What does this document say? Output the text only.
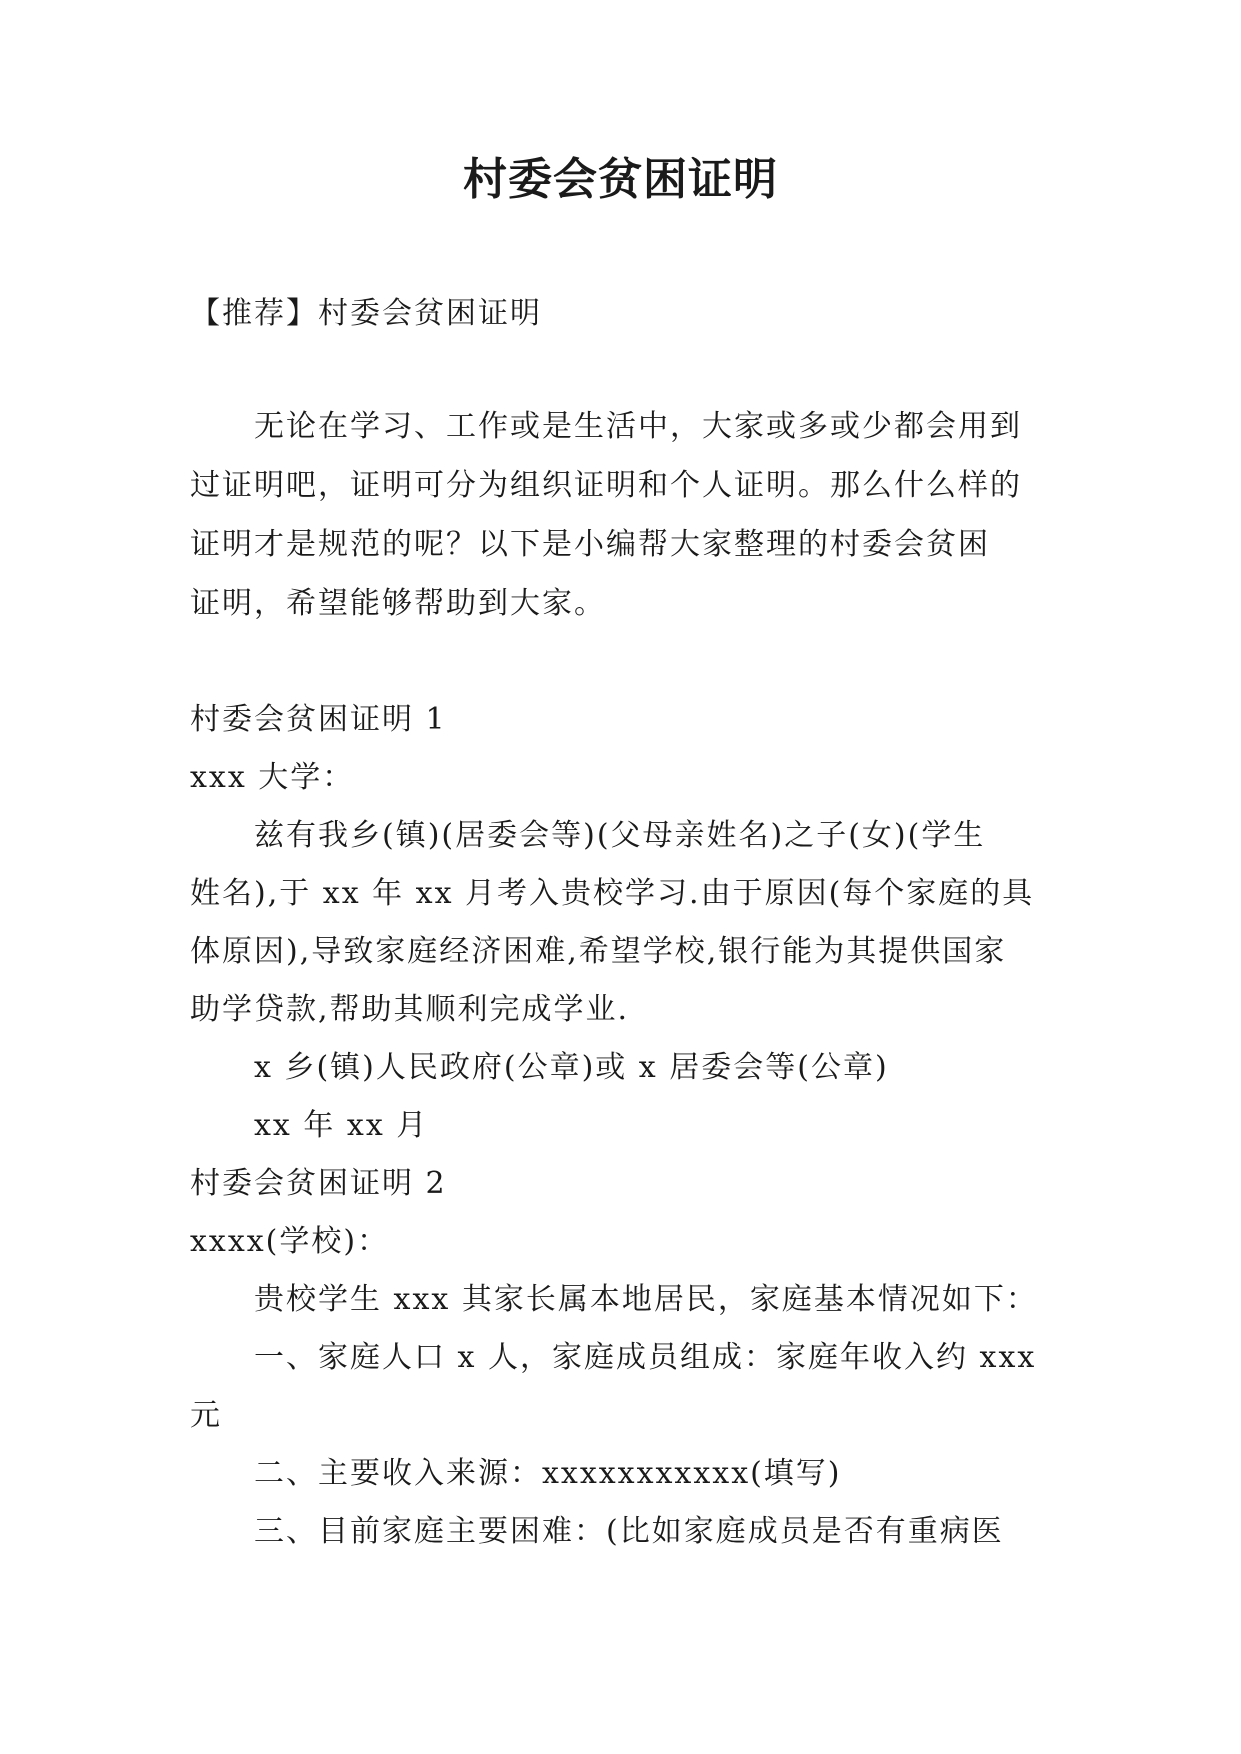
村委会贫困证明
【推荐】村委会贫困证明
无论在学习、工作或是生活中，大家或多或少都会用到
过证明吧，证明可分为组织证明和个人证明。那么什么样的
证明才是规范的呢？以下是小编帮大家整理的村委会贫困
证明，希望能够帮助到大家。
村委会贫困证明 1
xxx 大学：
兹有我乡(镇)(居委会等)(父母亲姓名)之子(女)(学生
姓名),于 xx 年 xx 月考入贵校学习.由于原因(每个家庭的具
体原因),导致家庭经济困难,希望学校,银行能为其提供国家
助学贷款,帮助其顺利完成学业.
x 乡(镇)人民政府(公章)或 x 居委会等(公章)
xx 年 xx 月
村委会贫困证明 2
xxxx(学校)：
贵校学生 xxx 其家长属本地居民，家庭基本情况如下：
一、家庭人口 x 人，家庭成员组成：家庭年收入约 xxx
元
二、主要收入来源：xxxxxxxxxxx(填写)
三、目前家庭主要困难：(比如家庭成员是否有重病医
